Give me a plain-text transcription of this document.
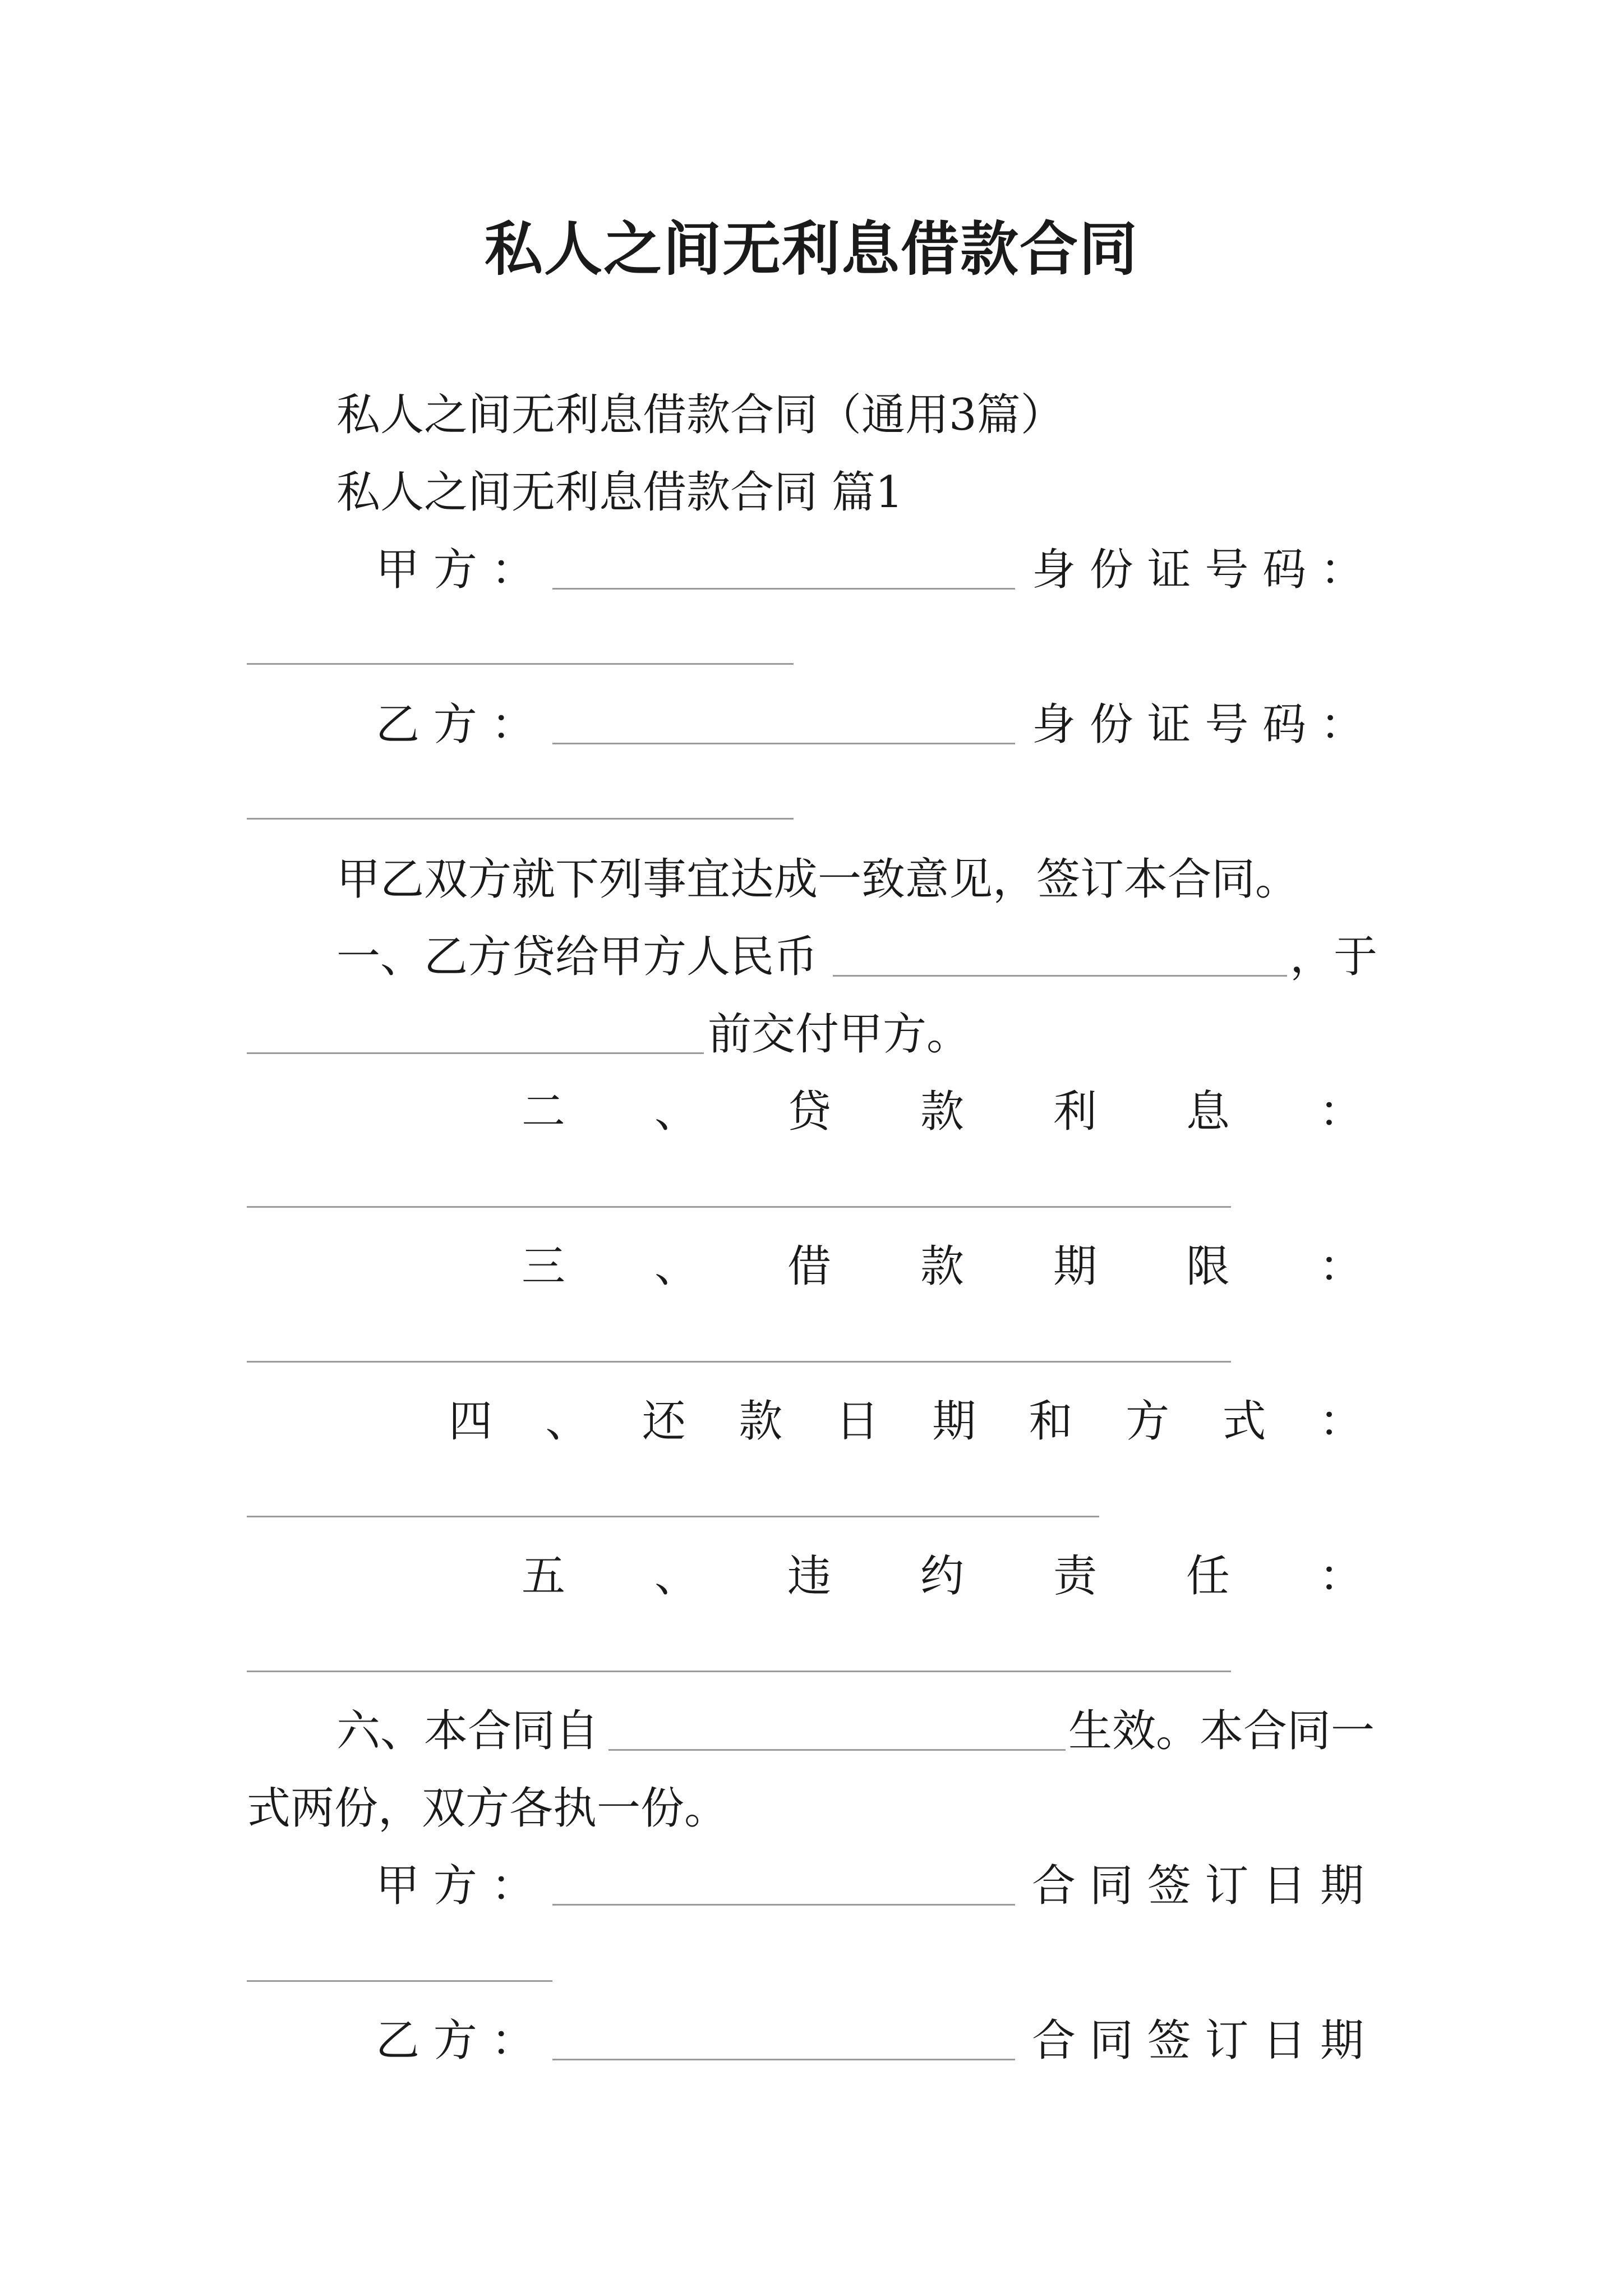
私人之间无利息借款合同
私人之间无利息借款合同（通用3篇）
私人之间无利息借款合同 篇1
甲 方 ：	身 份 证 号 码 ：
乙 方 ：	身 份 证 号 码 ：
甲乙双方就下列事宜达成一致意见，签订本合同。
一、乙方贷给甲方人民币	，于
前交付甲方。
二 、 贷 款 利 息 ：
三 、 借 款 期 限 ：
四 、 还 款 日 期 和 方 式 ：
五 、 违 约 责 任 ：
六、本合同自	生效。本合同一
式两份，双方各执一份。
甲 方 ：	合 同 签 订 日 期
乙 方 ：	合 同 签 订 日 期
